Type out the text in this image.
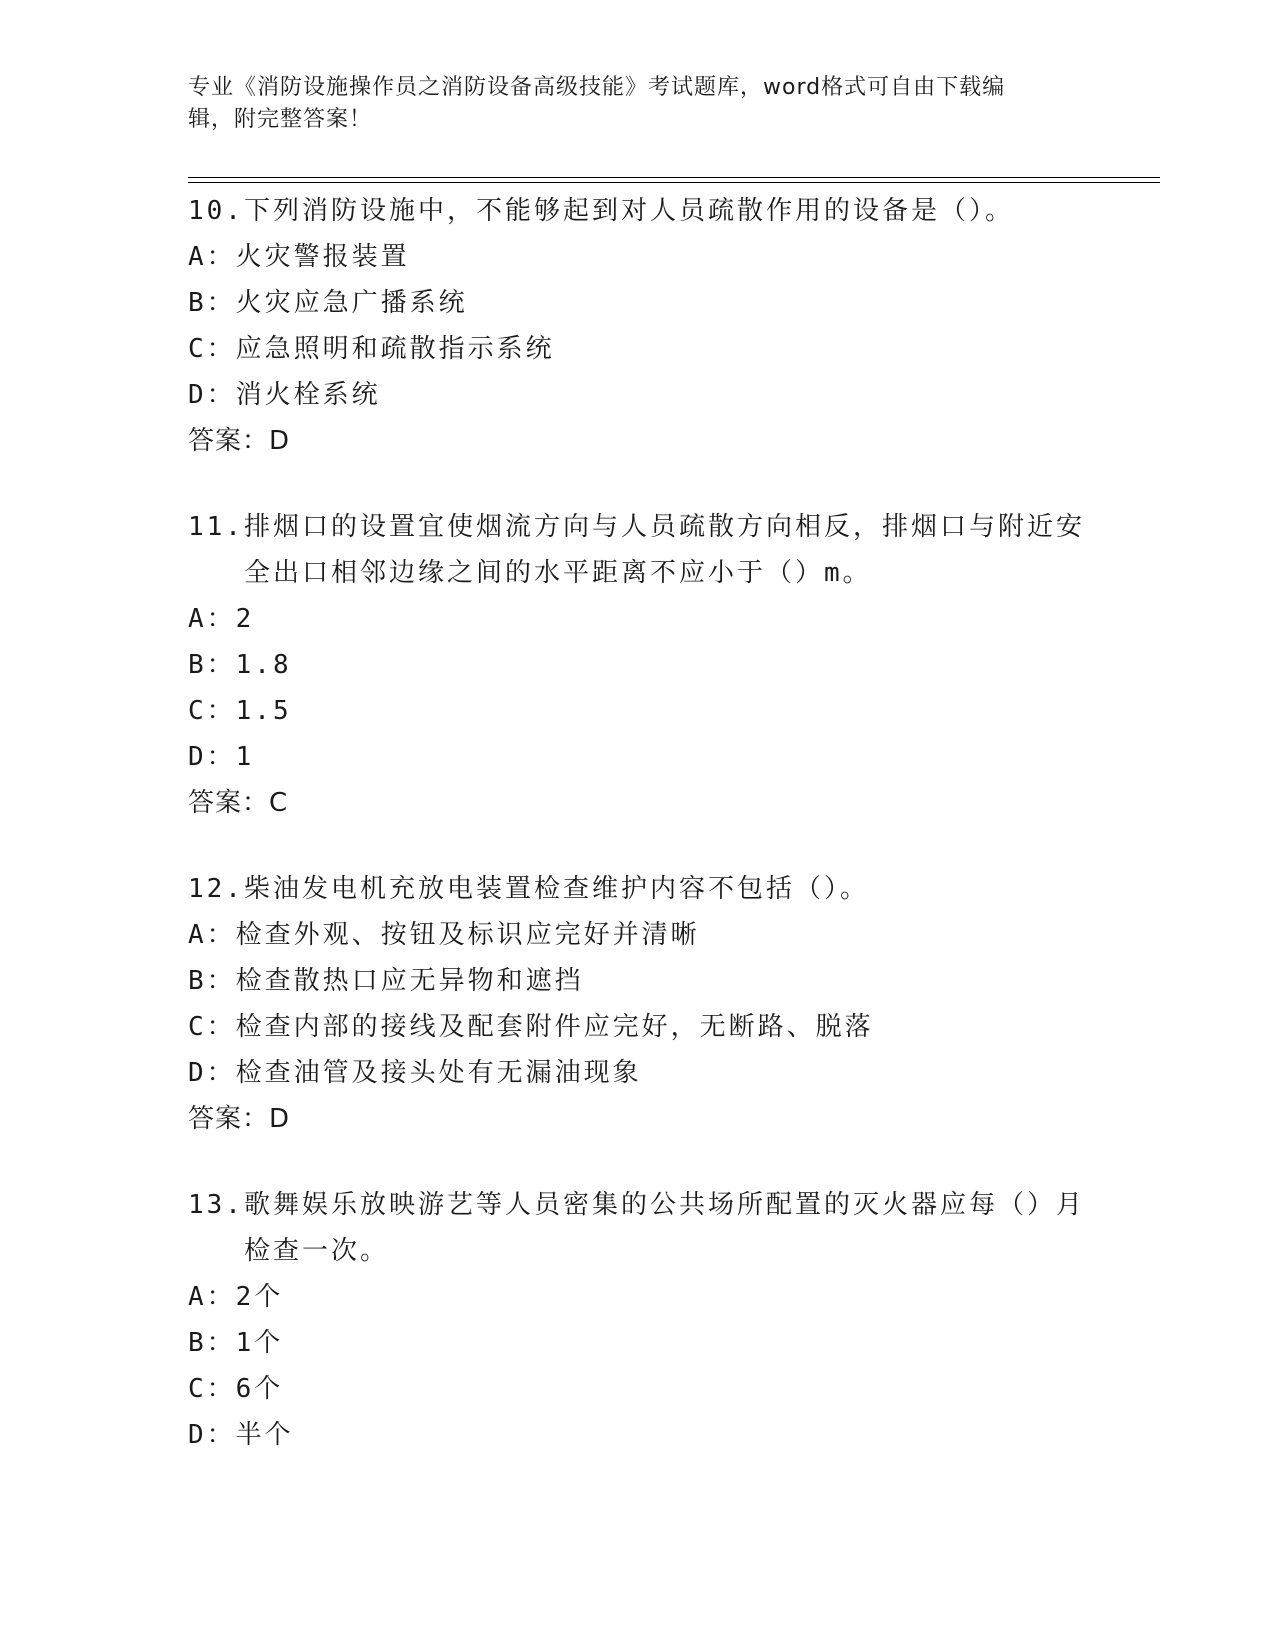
专业《消防设施操作员之消防设备高级技能》考试题库，word格式可自由下载编
辑，附完整答案！
10. 下列消防设施中，不能够起到对人员疏散作用的设备是（）。
A：火灾警报装置
B：火灾应急广播系统
C：应急照明和疏散指示系统
D：消火栓系统
答案：D
11. 排烟口的设置宜使烟流方向与人员疏散方向相反，排烟口与附近安全出口相邻边缘之间的水平距离不应小于（）m。
A：2
B：1.8
C：1.5
D：1
答案：C
12. 柴油发电机充放电装置检查维护内容不包括（）。
A：检查外观、按钮及标识应完好并清晰
B：检查散热口应无异物和遮挡
C：检查内部的接线及配套附件应完好，无断路、脱落
D：检查油管及接头处有无漏油现象
答案：D
13. 歌舞娱乐放映游艺等人员密集的公共场所配置的灭火器应每（）月检查一次。
A：2个
B：1个
C：6个
D：半个
